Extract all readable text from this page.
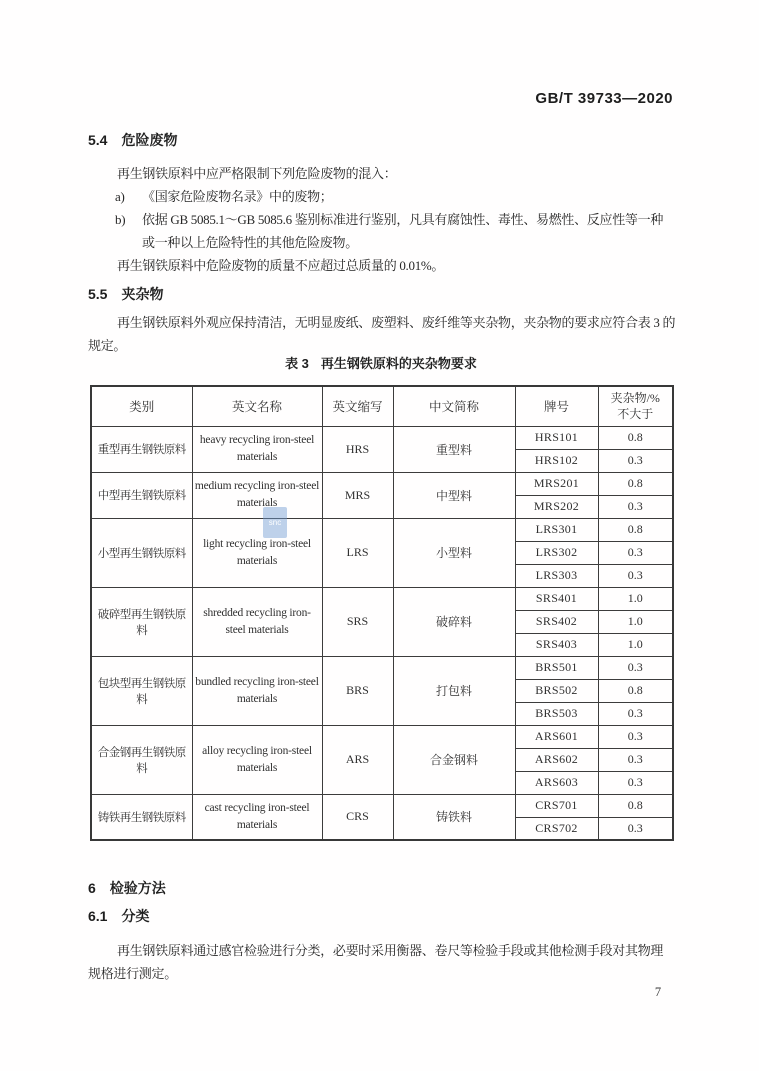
GB/T 39733—2020
5.4 危险废物
再生钢铁原料中应严格限制下列危险废物的混入：
a) 《国家危险废物名录》中的废物；
b) 依据 GB 5085.1～GB 5085.6 鉴别标准进行鉴别，凡具有腐蚀性、毒性、易燃性、反应性等一种
或一种以上危险特性的其他危险废物。
再生钢铁原料中危险废物的质量不应超过总质量的 0.01%。
5.5 夹杂物
再生钢铁原料外观应保持清洁，无明显废纸、废塑料、废纤维等夹杂物，夹杂物的要求应符合表 3 的
规定。
表 3 再生钢铁原料的夹杂物要求
类别	英文名称	英文缩写	中文简称	牌号	夹杂物/%
不大于

重型再生钢铁原料	heavy recycling iron-steel materials	HRS	重型料	HRS101	0.8
				HRS102	0.3
中型再生钢铁原料	medium recycling iron-steel materials	MRS	中型料	MRS201	0.8
				MRS202	0.3
小型再生钢铁原料	light recycling iron-steel materials	LRS	小型料	LRS301	0.8
				LRS302	0.3
				LRS303	0.3
破碎型再生钢铁原料	shredded recycling iron-steel materials	SRS	破碎料	SRS401	1.0
				SRS402	1.0
				SRS403	1.0
包块型再生钢铁原料	bundled recycling iron-steel materials	BRS	打包料	BRS501	0.3
				BRS502	0.8
				BRS503	0.3
合金钢再生钢铁原料	alloy recycling iron-steel materials	ARS	合金钢料	ARS601	0.3
				ARS602	0.3
				ARS603	0.3
铸铁再生钢铁原料	cast recycling iron-steel materials	CRS	铸铁料	CRS701	0.8
				CRS702	0.3
snc
6 检验方法
6.1 分类
再生钢铁原料通过感官检验进行分类，必要时采用衡器、卷尺等检验手段或其他检测手段对其物理
规格进行测定。
7
